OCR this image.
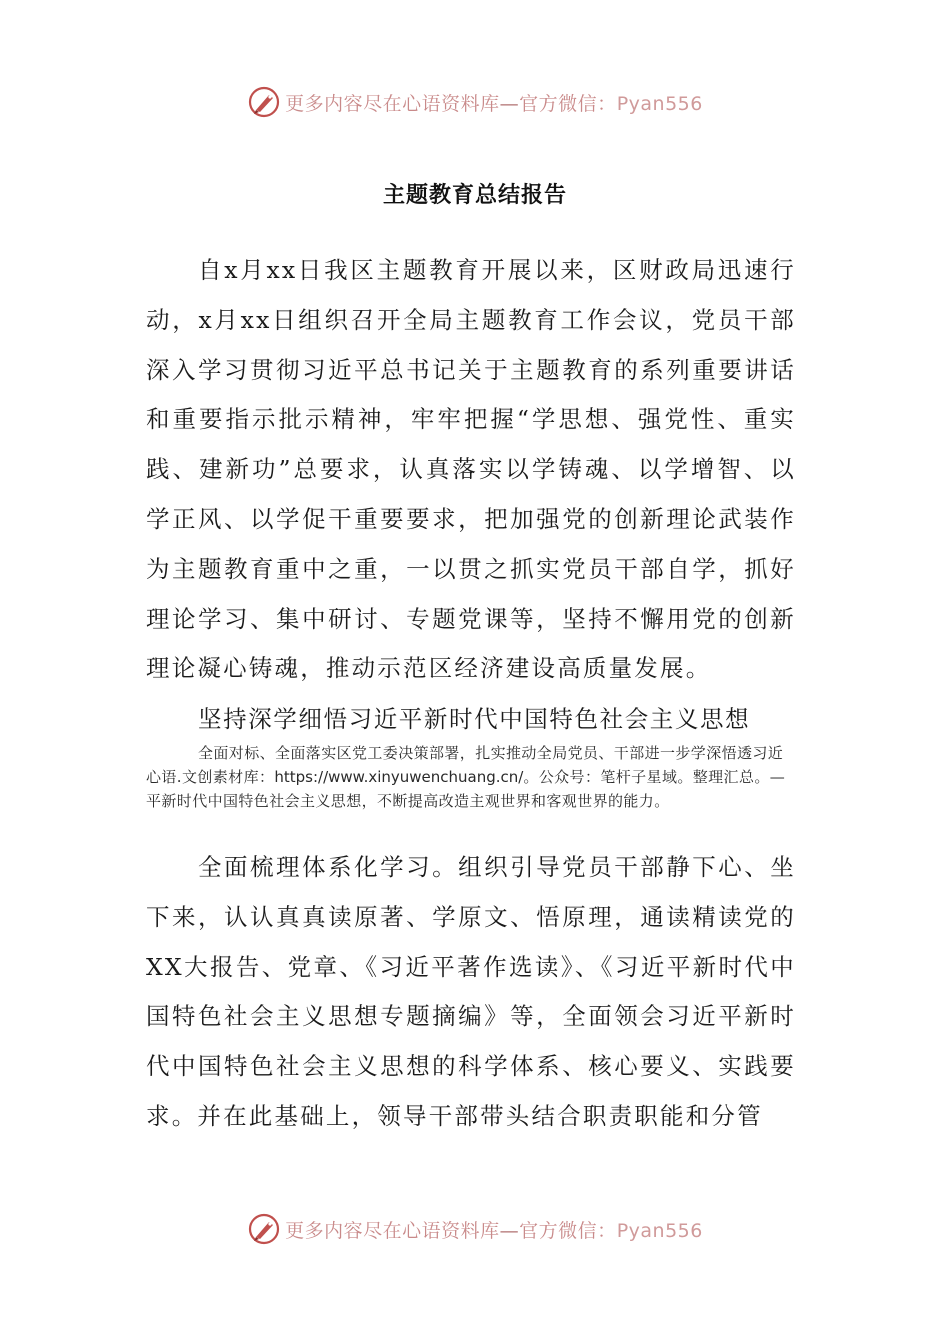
更多内容尽在心语资料库—官方微信：Pyan556
主题教育总结报告

自x月xx日我区主题教育开展以来，区财政局迅速行动，x月xx日组织召开全局主题教育工作会议，党员干部深入学习贯彻习近平总书记关于主题教育的系列重要讲话和重要指示批示精神，牢牢把握“学思想、强党性、重实践、建新功”总要求，认真落实以学铸魂、以学增智、以学正风、以学促干重要要求，把加强党的创新理论武装作为主题教育重中之重，一以贯之抓实党员干部自学，抓好理论学习、集中研讨、专题党课等，坚持不懈用党的创新理论凝心铸魂，推动示范区经济建设高质量发展。

坚持深学细悟习近平新时代中国特色社会主义思想

全面对标、全面落实区党工委决策部署，扎实推动全局党员、干部进一步学深悟透习近心语.文创素材库：https://www.xinyuwenchuang.cn/。公众号：笔杆子星域。整理汇总。—平新时代中国特色社会主义思想，不断提高改造主观世界和客观世界的能力。

全面梳理体系化学习。组织引导党员干部静下心、坐下来，认认真真读原著、学原文、悟原理，通读精读党的XX大报告、党章、《习近平著作选读》、《习近平新时代中国特色社会主义思想专题摘编》等，全面领会习近平新时代中国特色社会主义思想的科学体系、核心要义、实践要求。并在此基础上，领导干部带头结合职责职能和分管

更多内容尽在心语资料库—官方微信：Pyan556
